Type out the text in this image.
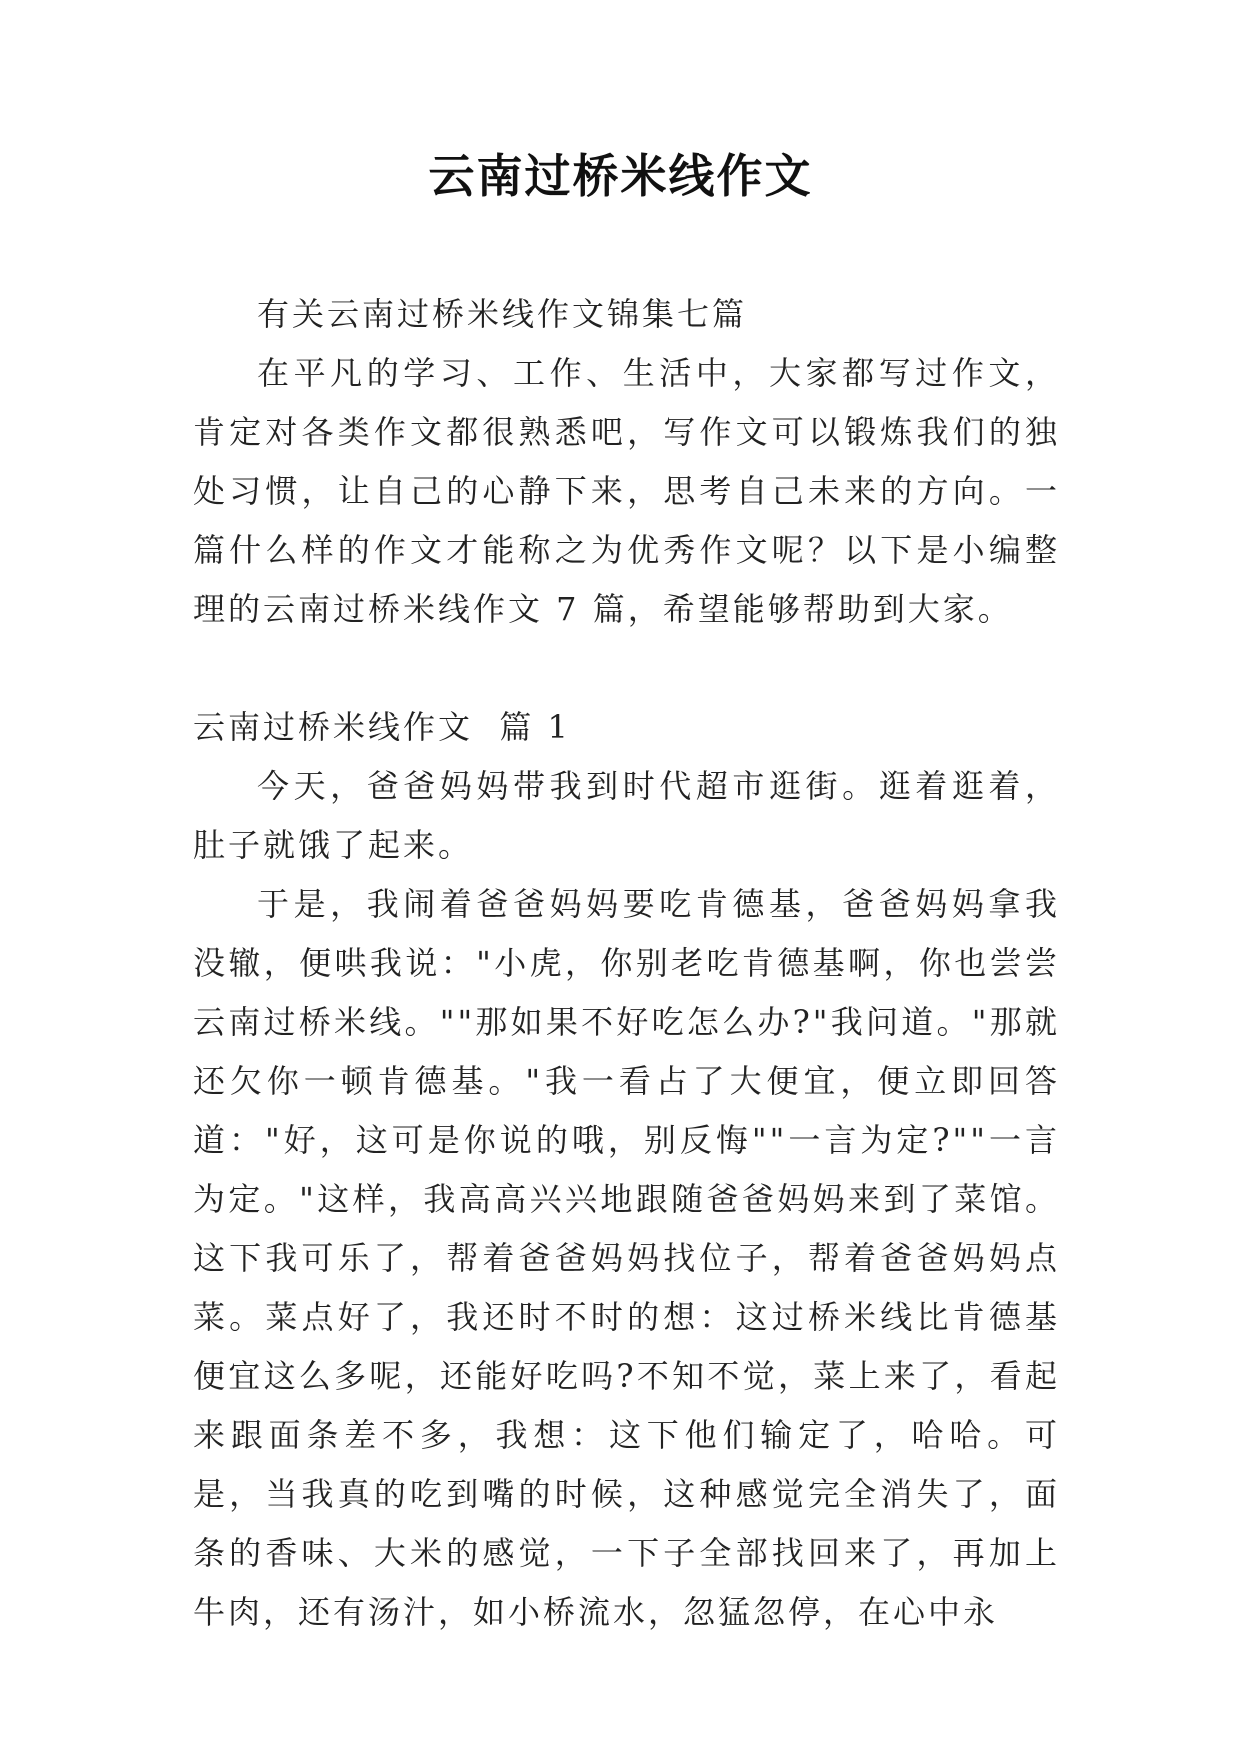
云南过桥米线作文

有关云南过桥米线作文锦集七篇

在平凡的学习、工作、生活中，大家都写过作文，肯定对各类作文都很熟悉吧，写作文可以锻炼我们的独处习惯，让自己的心静下来，思考自己未来的方向。一篇什么样的作文才能称之为优秀作文呢？以下是小编整理的云南过桥米线作文 7 篇，希望能够帮助到大家。

云南过桥米线作文  篇 1

今天，爸爸妈妈带我到时代超市逛街。逛着逛着，肚子就饿了起来。

于是，我闹着爸爸妈妈要吃肯德基，爸爸妈妈拿我没辙，便哄我说："小虎，你别老吃肯德基啊，你也尝尝云南过桥米线。""那如果不好吃怎么办?"我问道。"那就还欠你一顿肯德基。"我一看占了大便宜，便立即回答道："好，这可是你说的哦，别反悔""一言为定?""一言为定。"这样，我高高兴兴地跟随爸爸妈妈来到了菜馆。这下我可乐了，帮着爸爸妈妈找位子，帮着爸爸妈妈点菜。菜点好了，我还时不时的想：这过桥米线比肯德基便宜这么多呢，还能好吃吗?不知不觉，菜上来了，看起来跟面条差不多，我想：这下他们输定了，哈哈。可是，当我真的吃到嘴的时候，这种感觉完全消失了，面条的香味、大米的感觉，一下子全部找回来了，再加上牛肉，还有汤汁，如小桥流水，忽猛忽停，在心中永
